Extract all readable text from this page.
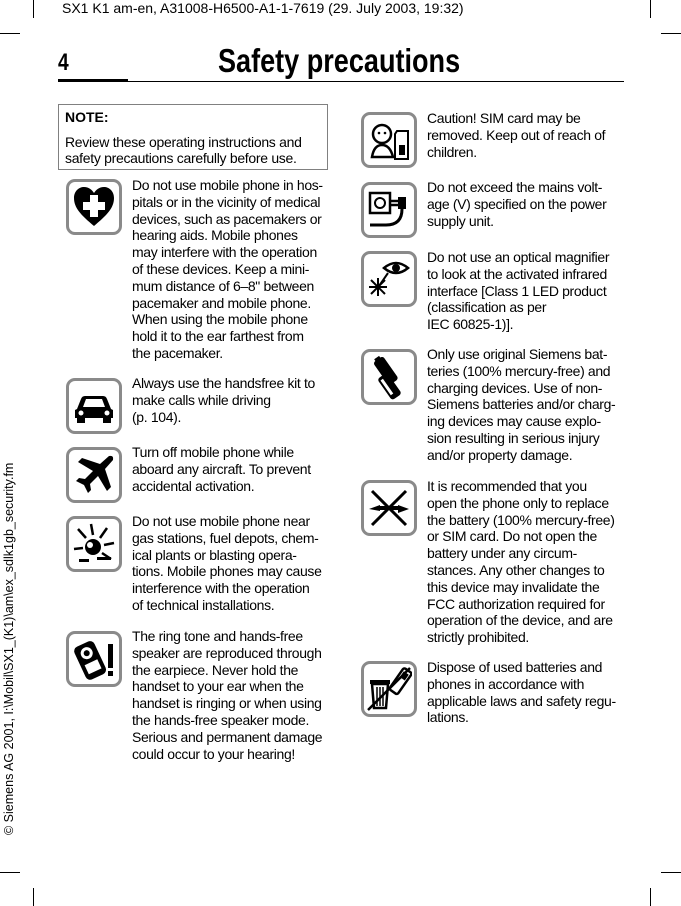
SX1 K1 am-en, A31008-H6500-A1-1-7619 (29. July 2003, 19:32)
© Siemens AG 2001, I:\Mobil\SX1_(K1)\am\ex_sdlk1gb_security.fm
4	Safety precautions
NOTE:
Review these operating instructions and safety precautions carefully before use.
Do not use mobile phone in hos-
pitals or in the vicinity of medical
devices, such as pacemakers or
hearing aids. Mobile phones
may interfere with the operation
of these devices. Keep a mini-
mum distance of 6–8" between
pacemaker and mobile phone.
When using the mobile phone
hold it to the ear farthest from
the pacemaker.
Always use the handsfree kit to
make calls while driving
(p. 104).
Turn off mobile phone while
aboard any aircraft. To prevent
accidental activation.
Do not use mobile phone near
gas stations, fuel depots, chem-
ical plants or blasting opera-
tions. Mobile phones may cause
interference with the operation
of technical installations.
The ring tone and hands-free
speaker are reproduced through
the earpiece. Never hold the
handset to your ear when the
handset is ringing or when using
the hands-free speaker mode.
Serious and permanent damage
could occur to your hearing!
Caution! SIM card may be
removed. Keep out of reach of
children.
Do not exceed the mains volt-
age (V) specified on the power
supply unit.
Do not use an optical magnifier
to look at the activated infrared
interface [Class 1 LED product
(classification as per
IEC 60825-1)].
Only use original Siemens bat-
teries (100% mercury-free) and
charging devices. Use of non-
Siemens batteries and/or charg-
ing devices may cause explo-
sion resulting in serious injury
and/or property damage.
It is recommended that you
open the phone only to replace
the battery (100% mercury-free)
or SIM card. Do not open the
battery under any circum-
stances. Any other changes to
this device may invalidate the
FCC authorization required for
operation of the device, and are
strictly prohibited.
Dispose of used batteries and
phones in accordance with
applicable laws and safety regu-
lations.
